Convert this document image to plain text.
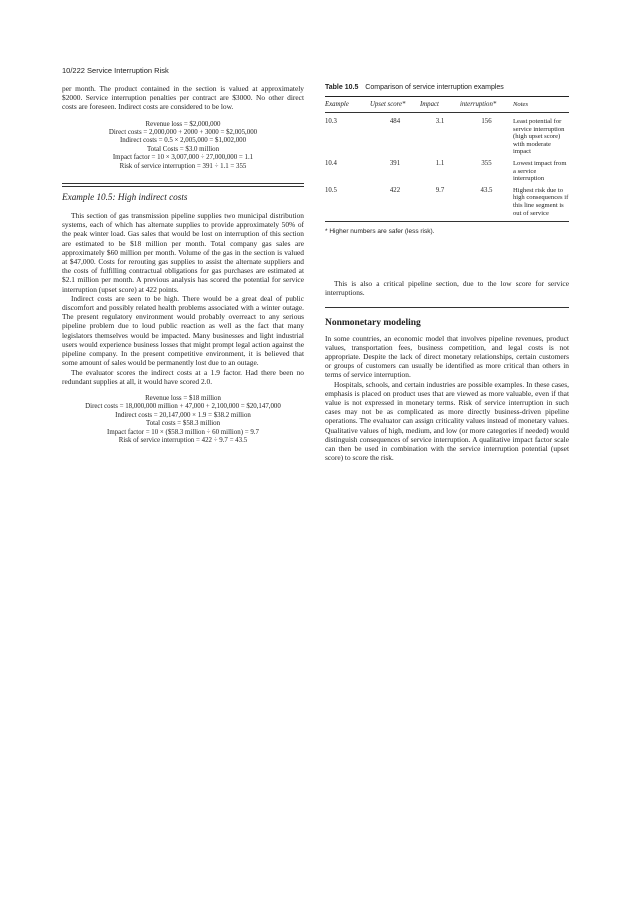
10/222 Service Interruption Risk

per month. The product contained in the section is valued at approximately $2000. Service interruption penalties per contract are $3000. No other direct costs are foreseen. Indirect costs are considered to be low.

Revenue loss = $2,000,000
Direct costs = 2,000,000 + 2000 + 3000 = $2,005,000
Indirect costs = 0.5 × 2,005,000 = $1,002,000
Total Costs = $3.0 million
Impact factor = 10 × 3,007,000 ÷ 27,000,000 = 1.1
Risk of service interruption = 391 ÷ 1.1 = 355
Example 10.5: High indirect costs

This section of gas transmission pipeline supplies two municipal distribution systems, each of which has alternate supplies to provide approximately 50% of the peak winter load. Gas sales that would be lost on interruption of this section are estimated to be $18 million per month. Total company gas sales are approximately $60 million per month. Volume of the gas in the section is valued at $47,000. Costs for rerouting gas supplies to assist the alternate suppliers and the costs of fulfilling contractual obligations for gas purchases are estimated at $2.1 million per month. A previous analysis has scored the potential for service interruption (upset score) at 422 points.

Indirect costs are seen to be high. There would be a great deal of public discomfort and possibly related health problems associated with a winter outage. The present regulatory environment would probably overreact to any serious pipeline problem due to loud public reaction as well as the fact that many legislators themselves would be impacted. Many businesses and light industrial users would experience business losses that might prompt legal action against the pipeline company. In the present competitive environment, it is believed that some amount of sales would be permanently lost due to an outage.

The evaluator scores the indirect costs at a 1.9 factor. Had there been no redundant supplies at all, it would have scored 2.0.

Revenue loss = $18 million
Direct costs = 18,000,000 million + 47,000 + 2,100,000 = $20,147,000
Indirect costs = 20,147,000 × 1.9 = $38.2 million
Total costs = $58.3 million
Impact factor = 10 × ($58.3 million ÷ 60 million) = 9.7
Risk of service interruption = 422 ÷ 9.7 = 43.5
Table 10.5 Comparison of service interruption examples
Example	Upset score*	Impact	interruption*	Notes
10.3	484	3.1	156	Least potential for service interruption (high upset score) with moderate impact
10.4	391	1.1	355	Lowest impact from a service interruption
10.5	422	9.7	43.5	Highest risk due to high consequences if this line segment is out of service
* Higher numbers are safer (less risk).

This is also a critical pipeline section, due to the low score for service interruptions.

Nonmonetary modeling

In some countries, an economic model that involves pipeline revenues, product values, transportation fees, business competition, and legal costs is not appropriate. Despite the lack of direct monetary relationships, certain customers or groups of customers can usually be identified as more critical than others in terms of service interruption.

Hospitals, schools, and certain industries are possible examples. In these cases, emphasis is placed on product uses that are viewed as more valuable, even if that value is not expressed in monetary terms. Risk of service interruption in such cases may not be as complicated as more directly business-driven pipeline operations. The evaluator can assign criticality values instead of monetary values. Qualitative values of high, medium, and low (or more categories if needed) would distinguish consequences of service interruption. A qualitative impact factor scale can then be used in combination with the service interruption potential (upset score) to score the risk.
